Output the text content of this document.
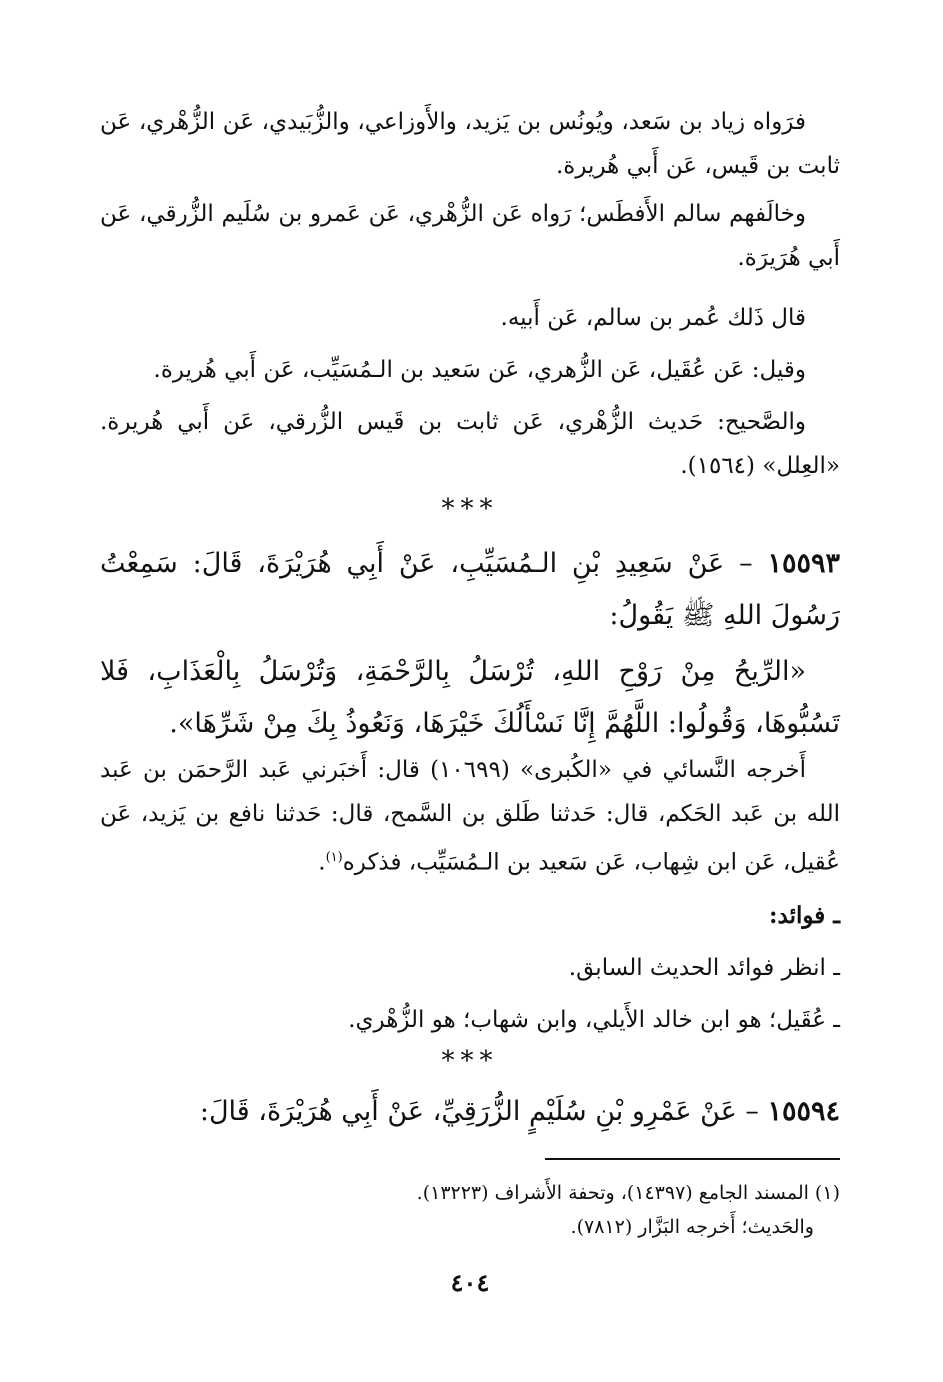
فرَواه زياد بن سَعد، ويُونُس بن يَزيد، والأَوزاعي، والزُّبَيدي، عَن الزُّهْري، عَن ثابت بن قَيس، عَن أَبي هُريرة.

وخالَفهم سالم الأَفطَس؛ رَواه عَن الزُّهْري، عَن عَمرو بن سُلَيم الزُّرقي، عَن أَبي هُرَيرَة.

قال ذَلك عُمر بن سالم، عَن أَبيه.

وقيل: عَن عُقَيل، عَن الزُّهري، عَن سَعيد بن الـمُسَيِّب، عَن أَبي هُريرة.

والصَّحيح: حَديث الزُّهْري، عَن ثابت بن قَيس الزُّرقي، عَن أَبي هُريرة. «العِلل» (١٥٦٤).

***

١٥٥٩٣ – عَنْ سَعِيدِ بْنِ الـمُسَيِّبِ، عَنْ أَبِي هُرَيْرَةَ، قَالَ: سَمِعْتُ رَسُولَ اللهِ ﷺ يَقُولُ:

«الرِّيحُ مِنْ رَوْحِ اللهِ، تُرْسَلُ بِالرَّحْمَةِ، وَتُرْسَلُ بِالْعَذَابِ، فَلا تَسُبُّوهَا، وَقُولُوا: اللَّهُمَّ إِنَّا نَسْأَلُكَ خَيْرَهَا، وَنَعُوذُ بِكَ مِنْ شَرِّهَا».

أَخرجه النَّسائي في «الكُبرى» (١٠٦٩٩) قال: أَخبَرني عَبد الرَّحمَن بن عَبد الله بن عَبد الحَكم، قال: حَدثنا طَلق بن السَّمح، قال: حَدثنا نافع بن يَزيد، عَن عُقيل، عَن ابن شِهاب، عَن سَعيد بن الـمُسَيِّب، فذكره$^{(١)}$.

ـ فوائد:

ـ انظر فوائد الحديث السابق.

ـ عُقَيل؛ هو ابن خالد الأَيلي، وابن شهاب؛ هو الزُّهْري.

***

١٥٥٩٤ – عَنْ عَمْرِو بْنِ سُلَيْمٍ الزُّرَقِيِّ، عَنْ أَبِي هُرَيْرَةَ، قَالَ:

(١) المسند الجامع (١٤٣٩٧)، وتحفة الأَشراف (١٣٢٢٣).

والحَديث؛ أَخرجه البَزَّار (٧٨١٢).

٤٠٤
